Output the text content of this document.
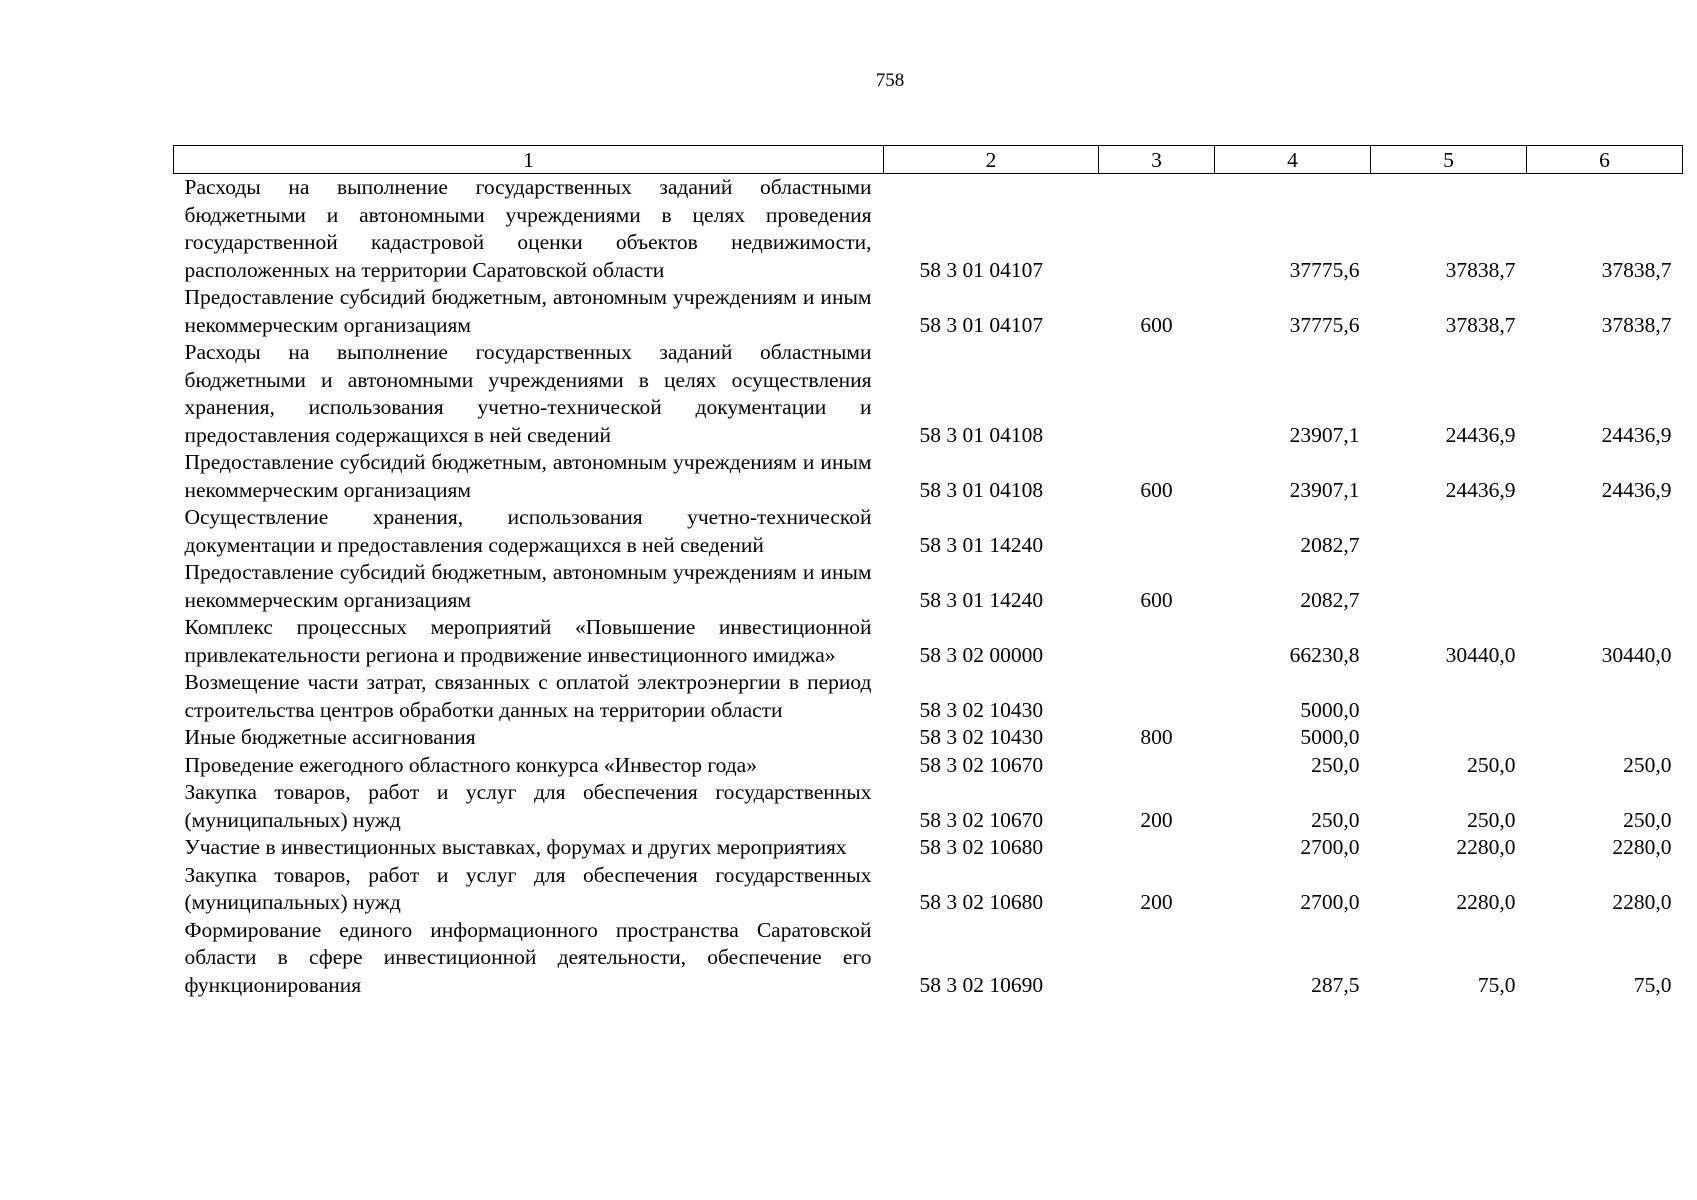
758
1	2	3	4	5	6
Расходы на выполнение государственных заданий областными бюджетными и автономными учреждениями в целях проведения государственной кадастровой оценки объектов недвижимости, расположенных на территории Саратовской области	58 3 01 04107		37775,6	37838,7	37838,7
Предоставление субсидий бюджетным, автономным учреждениям и иным некоммерческим организациям	58 3 01 04107	600	37775,6	37838,7	37838,7
Расходы на выполнение государственных заданий областными бюджетными и автономными учреждениями в целях осуществления хранения, использования учетно-технической документации и предоставления содержащихся в ней сведений	58 3 01 04108		23907,1	24436,9	24436,9
Предоставление субсидий бюджетным, автономным учреждениям и иным некоммерческим организациям	58 3 01 04108	600	23907,1	24436,9	24436,9
Осуществление хранения, использования учетно-технической документации и предоставления содержащихся в ней сведений	58 3 01 14240		2082,7		
Предоставление субсидий бюджетным, автономным учреждениям и иным некоммерческим организациям	58 3 01 14240	600	2082,7		
Комплекс процессных мероприятий «Повышение инвестиционной привлекательности региона и продвижение инвестиционного имиджа»	58 3 02 00000		66230,8	30440,0	30440,0
Возмещение части затрат, связанных с оплатой электроэнергии в период строительства центров обработки данных на территории области	58 3 02 10430		5000,0		
Иные бюджетные ассигнования	58 3 02 10430	800	5000,0		
Проведение ежегодного областного конкурса «Инвестор года»	58 3 02 10670		250,0	250,0	250,0
Закупка товаров, работ и услуг для обеспечения государственных (муниципальных) нужд	58 3 02 10670	200	250,0	250,0	250,0
Участие в инвестиционных выставках, форумах и других мероприятиях	58 3 02 10680		2700,0	2280,0	2280,0
Закупка товаров, работ и услуг для обеспечения государственных (муниципальных) нужд	58 3 02 10680	200	2700,0	2280,0	2280,0
Формирование единого информационного пространства Саратовской области в сфере инвестиционной деятельности, обеспечение его функционирования	58 3 02 10690		287,5	75,0	75,0
